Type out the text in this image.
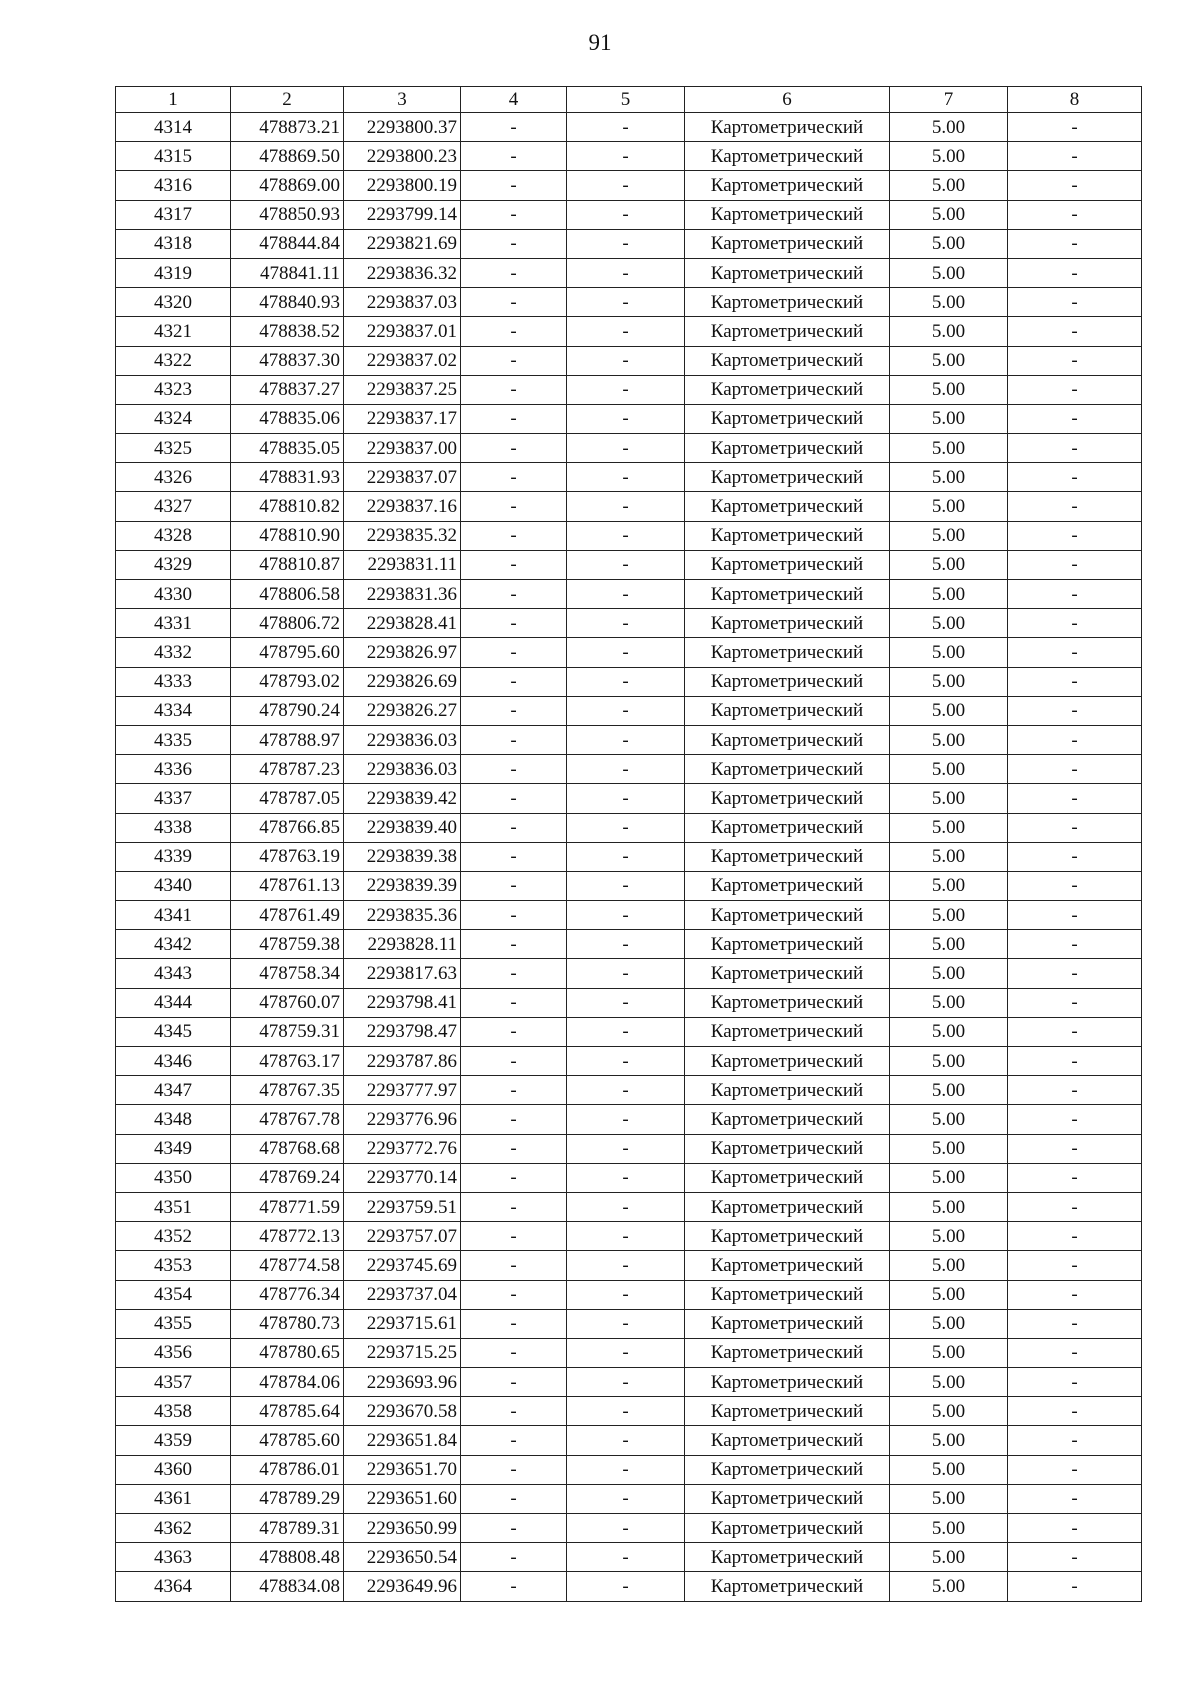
91
1	2	3	4	5	6	7	8
4314	478873.21	2293800.37	-	-	Картометрический	5.00	-
4315	478869.50	2293800.23	-	-	Картометрический	5.00	-
4316	478869.00	2293800.19	-	-	Картометрический	5.00	-
4317	478850.93	2293799.14	-	-	Картометрический	5.00	-
4318	478844.84	2293821.69	-	-	Картометрический	5.00	-
4319	478841.11	2293836.32	-	-	Картометрический	5.00	-
4320	478840.93	2293837.03	-	-	Картометрический	5.00	-
4321	478838.52	2293837.01	-	-	Картометрический	5.00	-
4322	478837.30	2293837.02	-	-	Картометрический	5.00	-
4323	478837.27	2293837.25	-	-	Картометрический	5.00	-
4324	478835.06	2293837.17	-	-	Картометрический	5.00	-
4325	478835.05	2293837.00	-	-	Картометрический	5.00	-
4326	478831.93	2293837.07	-	-	Картометрический	5.00	-
4327	478810.82	2293837.16	-	-	Картометрический	5.00	-
4328	478810.90	2293835.32	-	-	Картометрический	5.00	-
4329	478810.87	2293831.11	-	-	Картометрический	5.00	-
4330	478806.58	2293831.36	-	-	Картометрический	5.00	-
4331	478806.72	2293828.41	-	-	Картометрический	5.00	-
4332	478795.60	2293826.97	-	-	Картометрический	5.00	-
4333	478793.02	2293826.69	-	-	Картометрический	5.00	-
4334	478790.24	2293826.27	-	-	Картометрический	5.00	-
4335	478788.97	2293836.03	-	-	Картометрический	5.00	-
4336	478787.23	2293836.03	-	-	Картометрический	5.00	-
4337	478787.05	2293839.42	-	-	Картометрический	5.00	-
4338	478766.85	2293839.40	-	-	Картометрический	5.00	-
4339	478763.19	2293839.38	-	-	Картометрический	5.00	-
4340	478761.13	2293839.39	-	-	Картометрический	5.00	-
4341	478761.49	2293835.36	-	-	Картометрический	5.00	-
4342	478759.38	2293828.11	-	-	Картометрический	5.00	-
4343	478758.34	2293817.63	-	-	Картометрический	5.00	-
4344	478760.07	2293798.41	-	-	Картометрический	5.00	-
4345	478759.31	2293798.47	-	-	Картометрический	5.00	-
4346	478763.17	2293787.86	-	-	Картометрический	5.00	-
4347	478767.35	2293777.97	-	-	Картометрический	5.00	-
4348	478767.78	2293776.96	-	-	Картометрический	5.00	-
4349	478768.68	2293772.76	-	-	Картометрический	5.00	-
4350	478769.24	2293770.14	-	-	Картометрический	5.00	-
4351	478771.59	2293759.51	-	-	Картометрический	5.00	-
4352	478772.13	2293757.07	-	-	Картометрический	5.00	-
4353	478774.58	2293745.69	-	-	Картометрический	5.00	-
4354	478776.34	2293737.04	-	-	Картометрический	5.00	-
4355	478780.73	2293715.61	-	-	Картометрический	5.00	-
4356	478780.65	2293715.25	-	-	Картометрический	5.00	-
4357	478784.06	2293693.96	-	-	Картометрический	5.00	-
4358	478785.64	2293670.58	-	-	Картометрический	5.00	-
4359	478785.60	2293651.84	-	-	Картометрический	5.00	-
4360	478786.01	2293651.70	-	-	Картометрический	5.00	-
4361	478789.29	2293651.60	-	-	Картометрический	5.00	-
4362	478789.31	2293650.99	-	-	Картометрический	5.00	-
4363	478808.48	2293650.54	-	-	Картометрический	5.00	-
4364	478834.08	2293649.96	-	-	Картометрический	5.00	-
